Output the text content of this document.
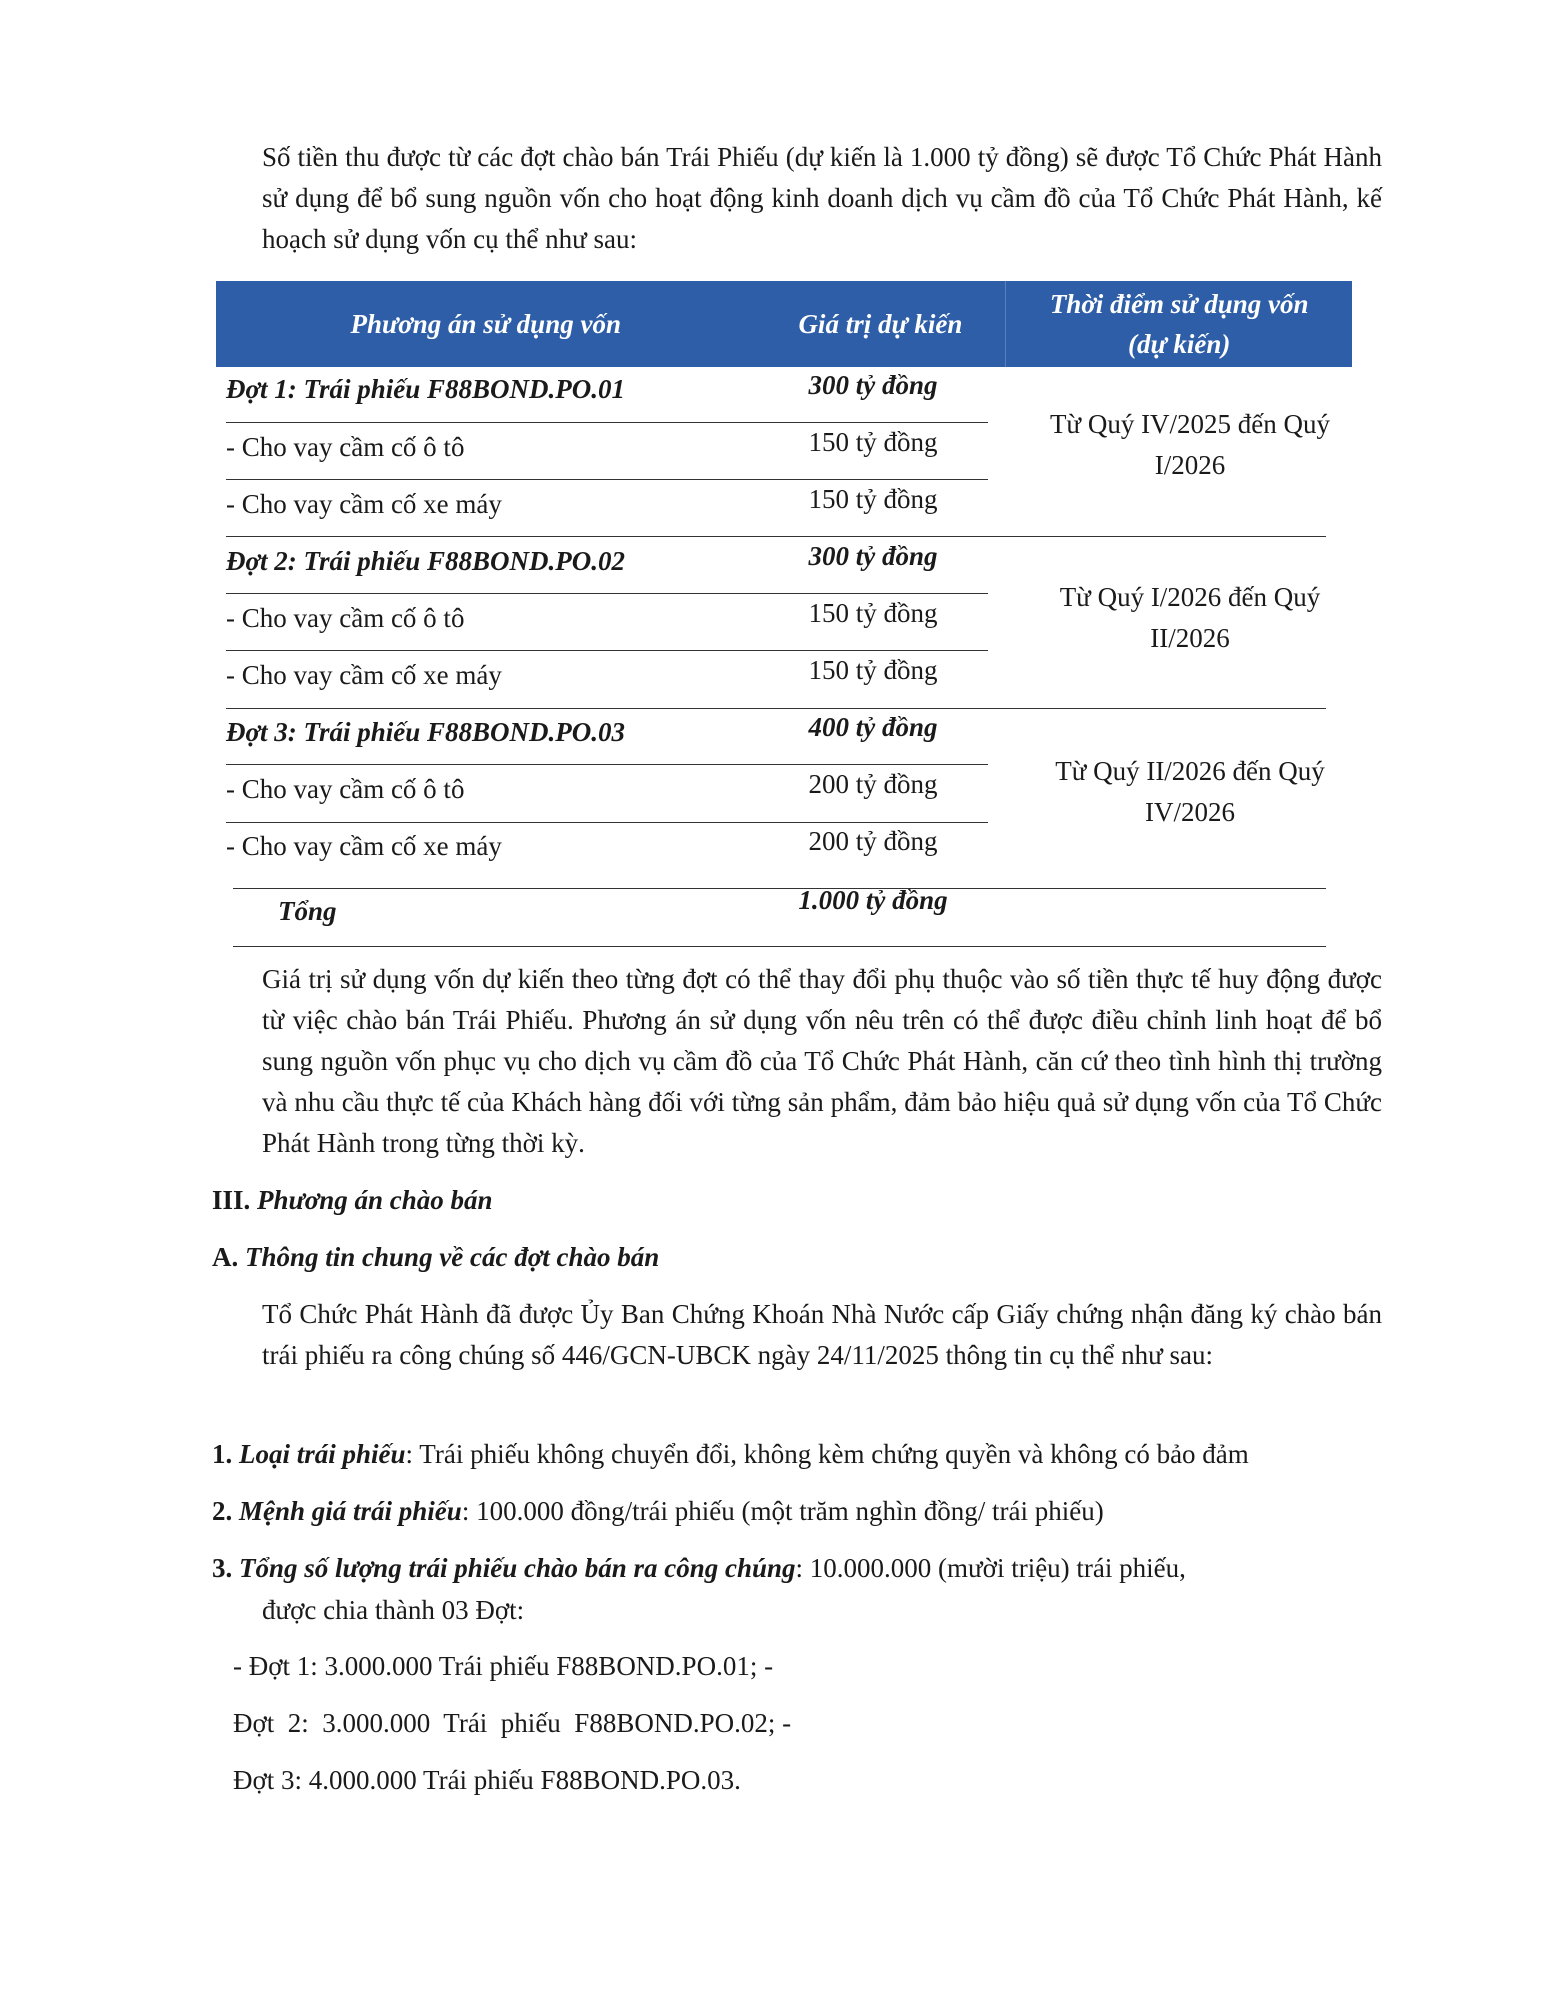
Số tiền thu được từ các đợt chào bán Trái Phiếu (dự kiến là 1.000 tỷ đồng) sẽ được Tổ Chức Phát Hành sử dụng để bổ sung nguồn vốn cho hoạt động kinh doanh dịch vụ cầm đồ của Tổ Chức Phát Hành, kế hoạch sử dụng vốn cụ thể như sau:

Phương án sử dụng vốn	Giá trị dự kiến
Thời điểm sử dụng vốn
(dự kiến)

Đợt 1: Trái phiếu F88BOND.PO.01	300 tỷ đồng

- Cho vay cầm cố ô tô	150 tỷ đồng

- Cho vay cầm cố xe máy	150 tỷ đồng

Từ Quý IV/2025 đến Quý
I/2026

Đợt 2: Trái phiếu F88BOND.PO.02	300 tỷ đồng

- Cho vay cầm cố ô tô	150 tỷ đồng

- Cho vay cầm cố xe máy	150 tỷ đồng

Từ Quý I/2026 đến Quý
II/2026

Đợt 3: Trái phiếu F88BOND.PO.03	400 tỷ đồng

- Cho vay cầm cố ô tô	200 tỷ đồng

- Cho vay cầm cố xe máy	200 tỷ đồng

Từ Quý II/2026 đến Quý
IV/2026

Tổng	1.000 tỷ đồng

Giá trị sử dụng vốn dự kiến theo từng đợt có thể thay đổi phụ thuộc vào số tiền thực tế huy động được từ việc chào bán Trái Phiếu. Phương án sử dụng vốn nêu trên có thể được điều chỉnh linh hoạt để bổ sung nguồn vốn phục vụ cho dịch vụ cầm đồ của Tổ Chức Phát Hành, căn cứ theo tình hình thị trường và nhu cầu thực tế của Khách hàng đối với từng sản phẩm, đảm bảo hiệu quả sử dụng vốn của Tổ Chức Phát Hành trong từng thời kỳ.

III. Phương án chào bán

A. Thông tin chung về các đợt chào bán

Tổ Chức Phát Hành đã được Ủy Ban Chứng Khoán Nhà Nước cấp Giấy chứng nhận đăng ký chào bán trái phiếu ra công chúng số 446/GCN-UBCK ngày 24/11/2025 thông tin cụ thể như sau:

1. Loại trái phiếu: Trái phiếu không chuyển đổi, không kèm chứng quyền và không có bảo đảm

2. Mệnh giá trái phiếu: 100.000 đồng/trái phiếu (một trăm nghìn đồng/ trái phiếu)

3. Tổng số lượng trái phiếu chào bán ra công chúng: 10.000.000 (mười triệu) trái phiếu,

được chia thành 03 Đợt:

- Đợt 1: 3.000.000 Trái phiếu F88BOND.PO.01; -

Đợt  2:  3.000.000  Trái  phiếu  F88BOND.PO.02; -

Đợt 3: 4.000.000 Trái phiếu F88BOND.PO.03.
